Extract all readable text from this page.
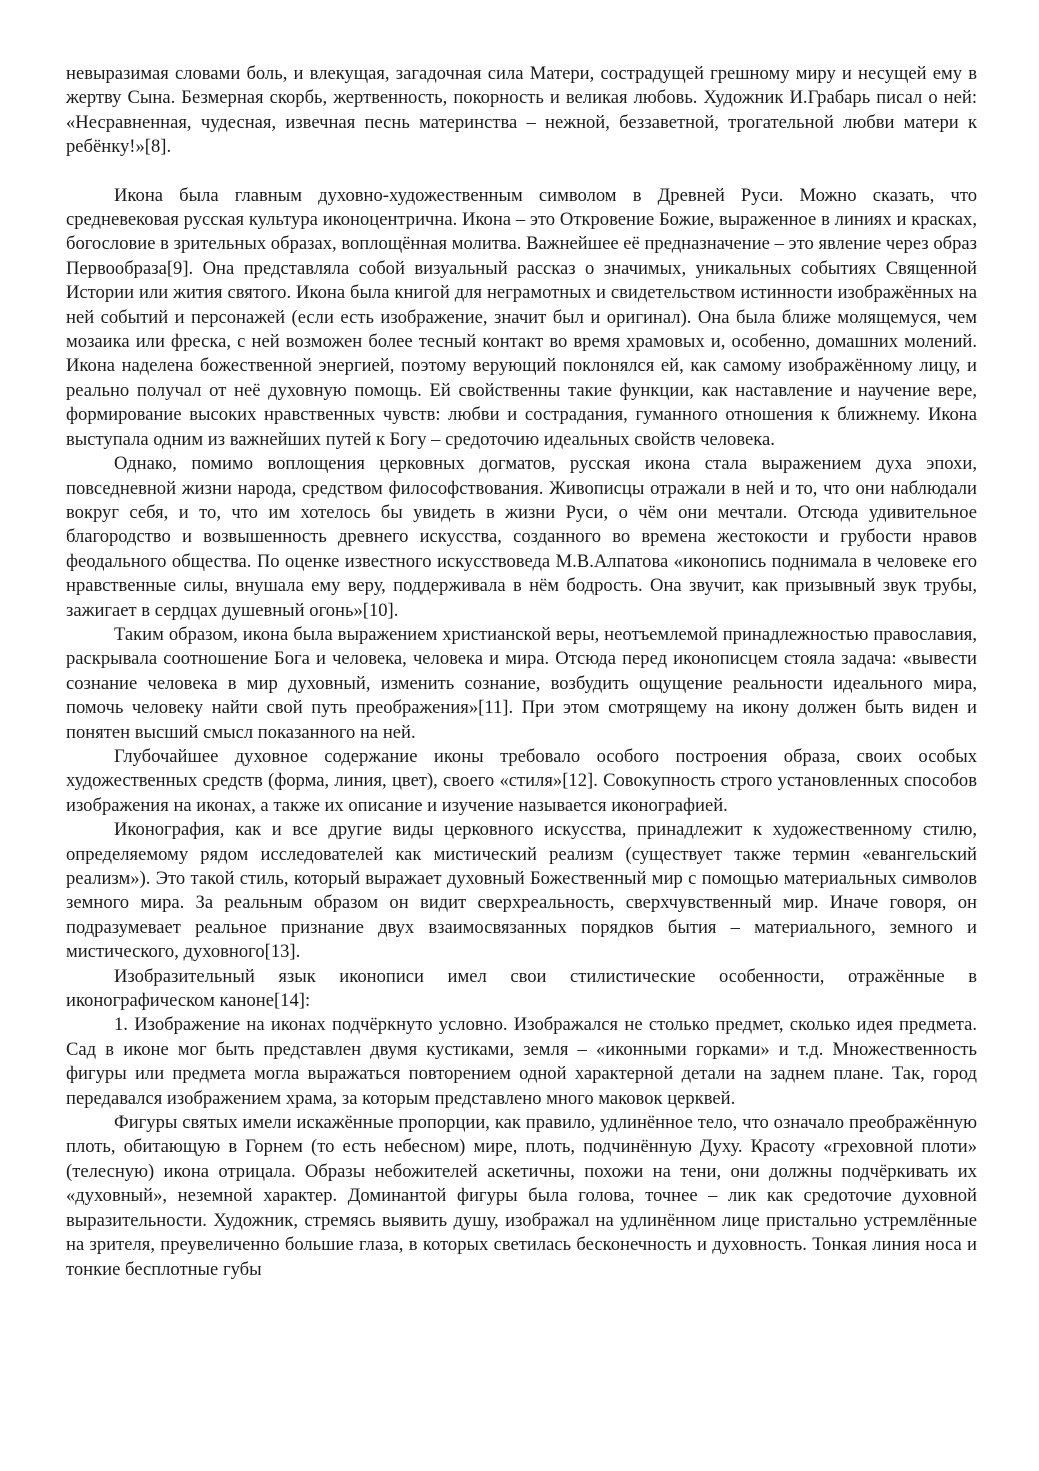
невыразимая словами боль, и влекущая, загадочная сила Матери, сострадущей грешному миру и несущей ему в жертву Сына. Безмерная скорбь, жертвенность, покорность и великая любовь. Художник И.Грабарь писал о ней: «Несравненная, чудесная, извечная песнь материнства – нежной, беззаветной, трогательной любви матери к ребёнку!»[8].

Икона была главным духовно-художественным символом в Древней Руси. Можно сказать, что средневековая русская культура иконоцентрична. Икона – это Откровение Божие, выраженное в линиях и красках, богословие в зрительных образах, воплощённая молитва. Важнейшее её предназначение – это явление через образ Первообраза[9]. Она представляла собой визуальный рассказ о значимых, уникальных событиях Священной Истории или жития святого. Икона была книгой для неграмотных и свидетельством истинности изображённых на ней событий и персонажей (если есть изображение, значит был и оригинал). Она была ближе молящемуся, чем мозаика или фреска, с ней возможен более тесный контакт во время храмовых и, особенно, домашних молений. Икона наделена божественной энергией, поэтому верующий поклонялся ей, как самому изображённому лицу, и реально получал от неё духовную помощь. Ей свойственны такие функции, как наставление и научение вере, формирование высоких нравственных чувств: любви и сострадания, гуманного отношения к ближнему. Икона выступала одним из важнейших путей к Богу – средоточию идеальных свойств человека.

Однако, помимо воплощения церковных догматов, русская икона стала выражением духа эпохи, повседневной жизни народа, средством философствования. Живописцы отражали в ней и то, что они наблюдали вокруг себя, и то, что им хотелось бы увидеть в жизни Руси, о чём они мечтали. Отсюда удивительное благородство и возвышенность древнего искусства, созданного во времена жестокости и грубости нравов феодального общества. По оценке известного искусствоведа М.В.Алпатова «иконопись поднимала в человеке его нравственные силы, внушала ему веру, поддерживала в нём бодрость. Она звучит, как призывный звук трубы, зажигает в сердцах душевный огонь»[10].

Таким образом, икона была выражением христианской веры, неотъемлемой принадлежностью православия, раскрывала соотношение Бога и человека, человека и мира. Отсюда перед иконописцем стояла задача: «вывести сознание человека в мир духовный, изменить сознание, возбудить ощущение реальности идеального мира, помочь человеку найти свой путь преображения»[11]. При этом смотрящему на икону должен быть виден и понятен высший смысл показанного на ней.

Глубочайшее духовное содержание иконы требовало особого построения образа, своих особых художественных средств (форма, линия, цвет), своего «стиля»[12]. Совокупность строго установленных способов изображения на иконах, а также их описание и изучение называется иконографией.

Иконография, как и все другие виды церковного искусства, принадлежит к художественному стилю, определяемому рядом исследователей как мистический реализм (существует также термин «евангельский реализм»). Это такой стиль, который выражает духовный Божественный мир с помощью материальных символов земного мира. За реальным образом он видит сверхреальность, сверхчувственный мир. Иначе говоря, он подразумевает реальное признание двух взаимосвязанных порядков бытия – материального, земного и мистического, духовного[13].

Изобразительный язык иконописи имел свои стилистические особенности, отражённые в иконографическом каноне[14]:

1. Изображение на иконах подчёркнуто условно. Изображался не столько предмет, сколько идея предмета. Сад в иконе мог быть представлен двумя кустиками, земля – «иконными горками» и т.д. Множественность фигуры или предмета могла выражаться повторением одной характерной детали на заднем плане. Так, город передавался изображением храма, за которым представлено много маковок церквей.

Фигуры святых имели искажённые пропорции, как правило, удлинённое тело, что означало преображённую плоть, обитающую в Горнем (то есть небесном) мире, плоть, подчинённую Духу. Красоту «греховной плоти» (телесную) икона отрицала. Образы небожителей аскетичны, похожи на тени, они должны подчёркивать их «духовный», неземной характер. Доминантой фигуры была голова, точнее – лик как средоточие духовной выразительности. Художник, стремясь выявить душу, изображал на удлинённом лице пристально устремлённые на зрителя, преувеличенно большие глаза, в которых светилась бесконечность и духовность. Тонкая линия носа и тонкие бесплотные губы
